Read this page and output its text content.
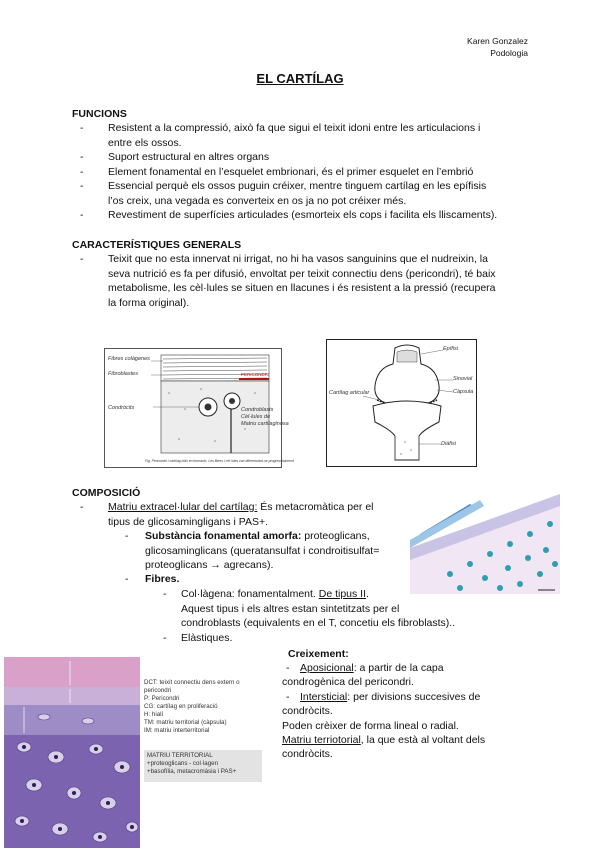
Karen Gonzalez
Podologia
EL CARTÍLAG
FUNCIONS
- Resistent a la compressió, això fa que sigui el teixit idoni entre les articulacions i
entre els ossos.
- Suport estructural en altres organs
- Element fonamental en l’esquelet embrionari, és el primer esquelet en l’embrió
- Essencial perquè els ossos puguin créixer, mentre tinguem cartílag en les epífisis
l’os creix, una vegada es converteix en os ja no pot créixer més.
- Revestiment de superfícies articulades (esmorteix els cops i facilita els lliscaments).
CARACTERÍSTIQUES GENERALS
- Teixit que no esta innervat ni irrigat, no hi ha vasos sanguinins que el nudreixin, la
seva nutrició es fa per difusió, envoltat per teixit connectiu dens (pericondri), té baix
metabolisme, les cèl·lules se situen en llacunes i és resistent a la pressió (recupera
la forma original).
Fibres colàgenes
Fibroblastes	PERICONDRI
Condròcits	Condroblasts
Cèl·lules de
Matriu cartilaginosa
Fig. Pericondri i cartílag hialí en formació. Les fibres i cèl·lules van diferenciant-se progressivament
Epífisi
Sinovial
Càpsula
Cartílag articular
Diàfisi
COMPOSICIÓ
- Matriu extracel·lular del cartílag: És metacromàtica per el
tipus de glicosamingligans i PAS+.
- Substància fonamental amorfa: proteoglicans,
glicosaminglicans (queratansulfat i condroitisulfat=
proteoglicans → agrecans).
- Fibres.
- Col·làgena: fonamentalment. De tipus II.
Aquest tipus i els altres estan sintetitzats per el
condroblasts (equivalents en el T, concetiu els fibroblasts)..
- Elàstiques.
DCT: teixit connectiu dens extern o pericondri
P: Pericondri
CG: cartílag en proliferació
H: hialí
TM: matriu territorial (càpsula)
IM: matriu interterritorial
MATRIU TERRITORIAL
+proteoglicans - col·lagen
+basofília, metacromàsia i PAS+
Creixement:
- Aposicional: a partir de la capa
condrogènica del pericondri.
- Intersticial: per divisions succesives de
condròcits.
Poden crèixer de forma lineal o radial.
Matriu terriotorial, la que està al voltant dels
condròcits.
